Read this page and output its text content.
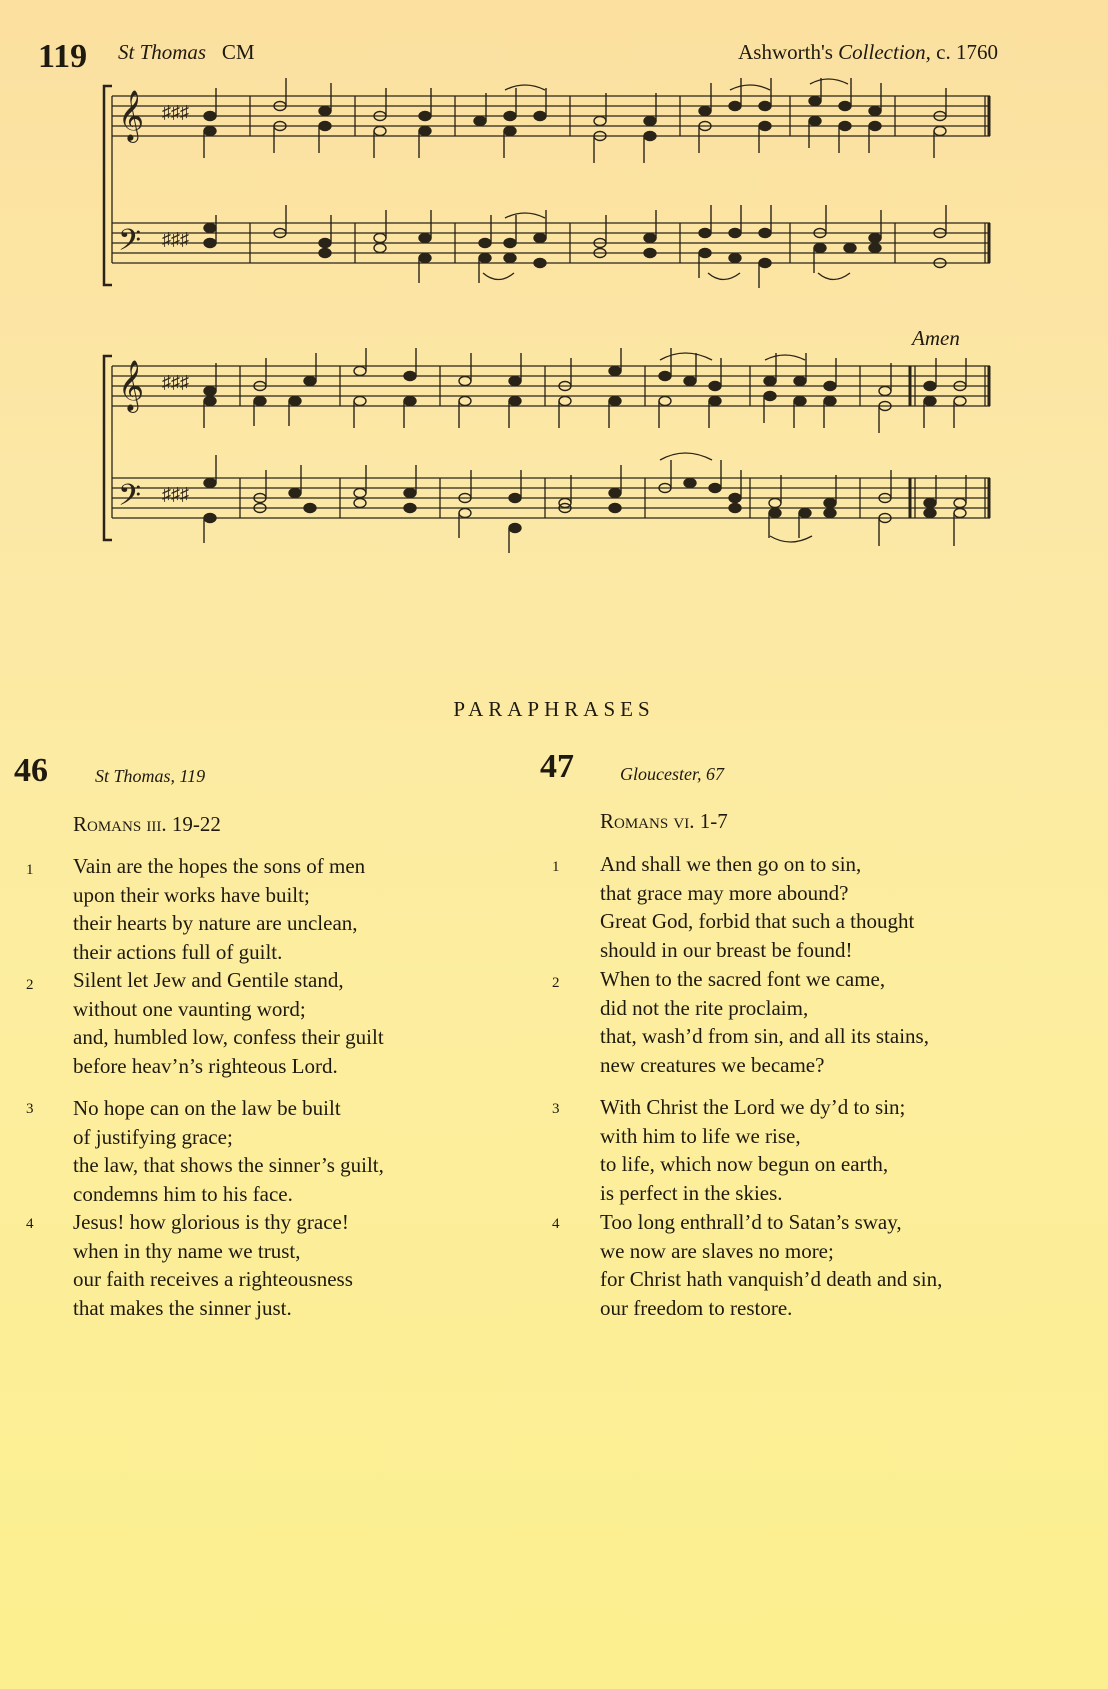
119 St Thomas CM	Ashworth's Collection, c. 1760
𝄞
𝄢
♯♯♯
♯♯♯
Amen
𝄞
𝄢
♯♯♯
♯♯♯
PARAPHRASES
46	St Thomas, 119
Romans iii. 19-22
1 Vain are the hopes the sons of men
upon their works have built;
their hearts by nature are unclean,
their actions full of guilt.
2 Silent let Jew and Gentile stand,
without one vaunting word;
and, humbled low, confess their guilt
before heav’n’s righteous Lord.
3 No hope can on the law be built
of justifying grace;
the law, that shows the sinner’s guilt,
condemns him to his face.
4 Jesus! how glorious is thy grace!
when in thy name we trust,
our faith receives a righteousness
that makes the sinner just.
47	Gloucester, 67
Romans vi. 1-7
1 And shall we then go on to sin,
that grace may more abound?
Great God, forbid that such a thought
should in our breast be found!
2 When to the sacred font we came,
did not the rite proclaim,
that, wash’d from sin, and all its stains,
new creatures we became?
3 With Christ the Lord we dy’d to sin;
with him to life we rise,
to life, which now begun on earth,
is perfect in the skies.
4 Too long enthrall’d to Satan’s sway,
we now are slaves no more;
for Christ hath vanquish’d death and sin,
our freedom to restore.
